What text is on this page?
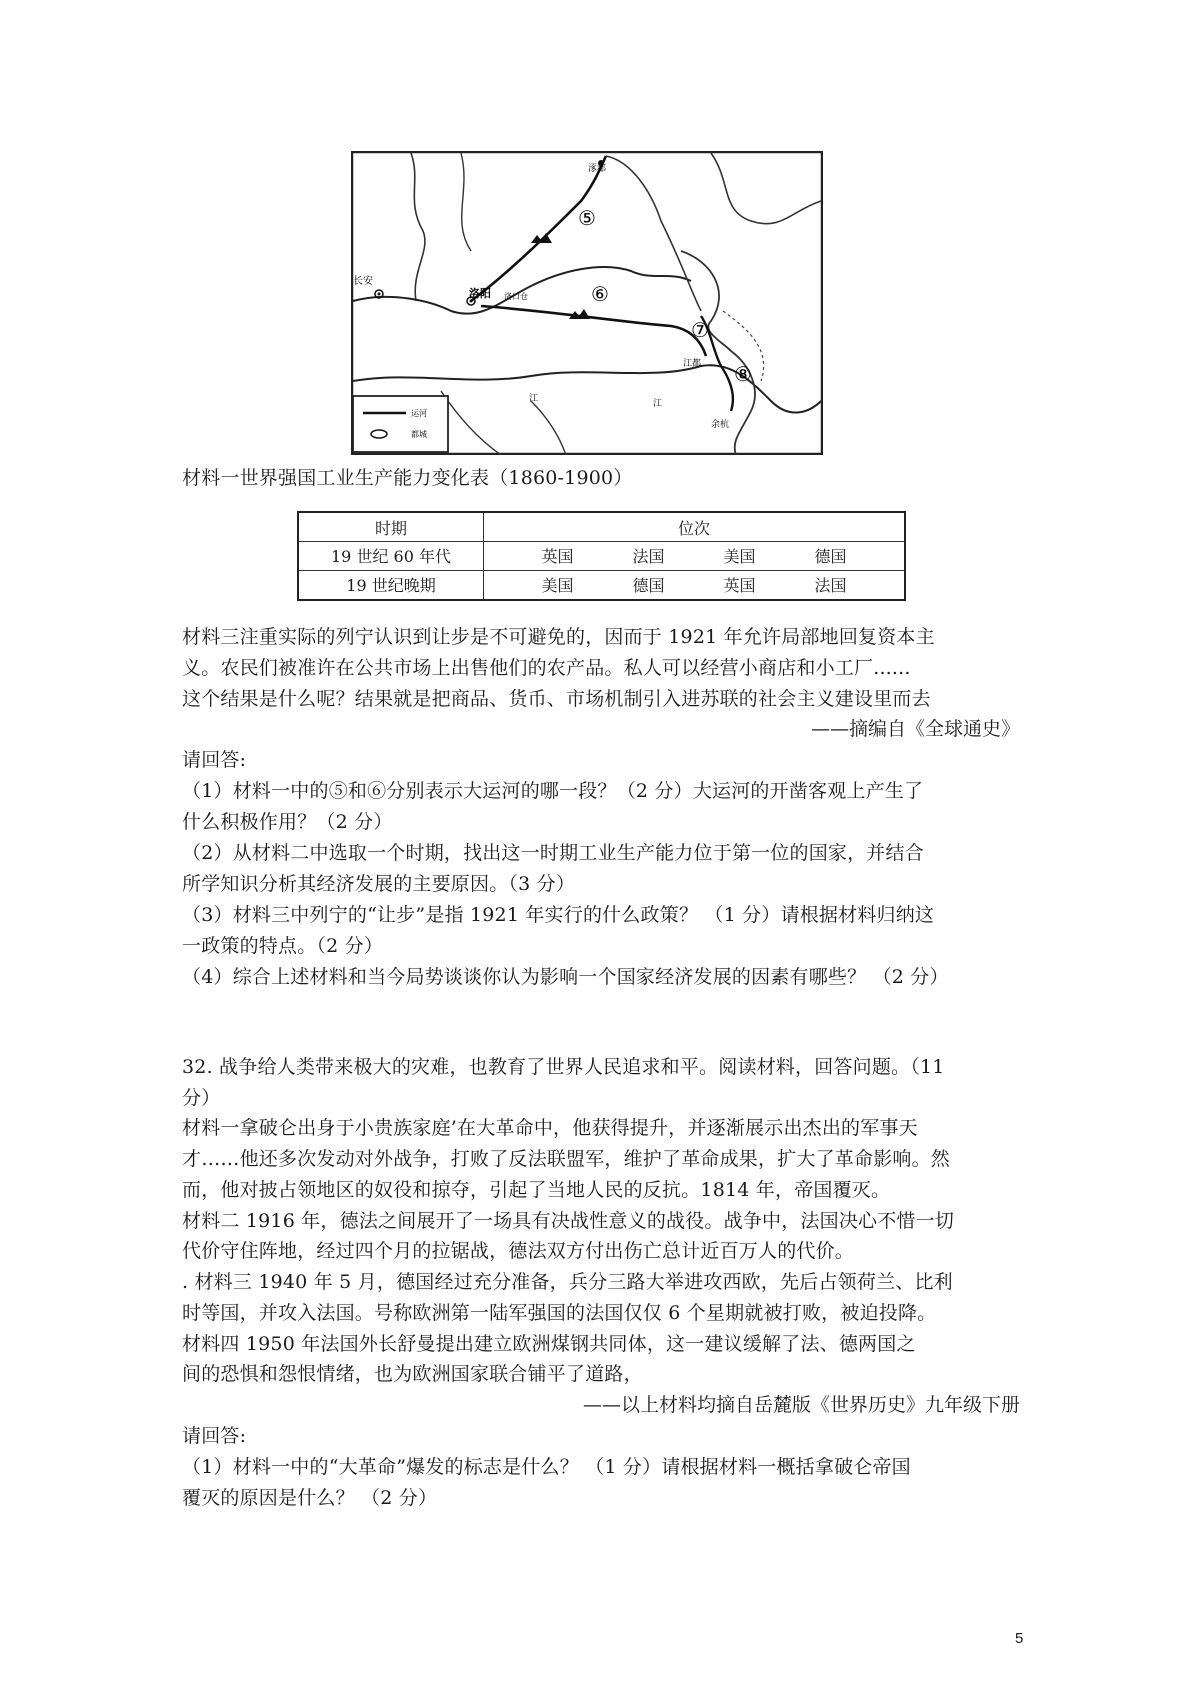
涿郡
长安
洛阳 洛口仓
江都
余杭
江	江
⑤
⑥
⑦
⑧
运河
都城
材料一世界强国工业生产能力变化表（1860-1900）
时期	位次
19 世纪 60 年代	英国 法国 美国 德国

19 世纪晚期	美国 德国 英国 法国
材料三注重实际的列宁认识到让步是不可避免的，因而于 1921 年允许局部地回复资本主
义。农民们被准许在公共市场上出售他们的农产品。私人可以经营小商店和小工厂......
这个结果是什么呢？结果就是把商品、货币、市场机制引入进苏联的社会主义建设里而去
——摘编自《全球通史》
请回答:
（1）材料一中的⑤和⑥分别表示大运河的哪一段？（2 分）大运河的开凿客观上产生了
什么积极作用？（2 分）
（2）从材料二中选取一个时期，找出这一时期工业生产能力位于第一位的国家，并结合
所学知识分析其经济发展的主要原因。（3 分）
（3）材料三中列宁的“让步”是指 1921 年实行的什么政策？ （1 分）请根据材料归纳这
一政策的特点。（2 分）
（4）综合上述材料和当今局势谈谈你认为影响一个国家经济发展的因素有哪些？ （2 分）
32. 战争给人类带来极大的灾难，也教育了世界人民追求和平。阅读材料，回答问题。（11
分）
材料一拿破仑出身于小贵族家庭’在大革命中，他获得提升，并逐渐展示出杰出的军事天
才……他还多次发动对外战争，打败了反法联盟军，维护了革命成果，扩大了革命影响。然
而，他对披占领地区的奴役和掠夺，引起了当地人民的反抗。1814 年，帝国覆灭。
材料二 1916 年，德法之间展开了一场具有决战性意义的战役。战争中，法国决心不惜一切
代价守住阵地，经过四个月的拉锯战，德法双方付出伤亡总计近百万人的代价。
. 材料三 1940 年 5 月，德国经过充分准备，兵分三路大举进攻西欧，先后占领荷兰、比利
时等国，并攻入法国。号称欧洲第一陆军强国的法国仅仅 6 个星期就被打败，被迫投降。
材料四 1950 年法国外长舒曼提出建立欧洲煤钢共同体，这一建议缓解了法、德两国之
间的恐惧和怨恨情绪，也为欧洲国家联合铺平了道路，
——以上材料均摘自岳麓版《世界历史》九年级下册
请回答:
（1）材料一中的“大革命”爆发的标志是什么？ （1 分）请根据材料一概括拿破仑帝国
覆灭的原因是什么？ （2 分）
5
